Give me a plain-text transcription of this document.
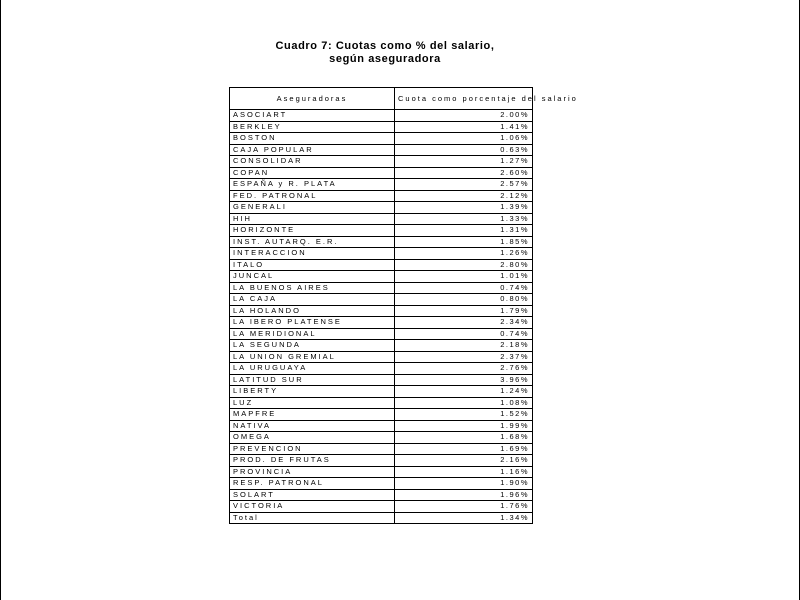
Cuadro 7: Cuotas como % del salario,
según aseguradora
Aseguradoras	Cuota como porcentaje del salario
ASOCIART	2.00%
BERKLEY	1.41%
BOSTON	1.06%
CAJA POPULAR	0.63%
CONSOLIDAR	1.27%
COPAN	2.60%
ESPAÑA y R. PLATA	2.57%
FED. PATRONAL	2.12%
GENERALI	1.39%
HIH	1.33%
HORIZONTE	1.31%
INST. AUTARQ. E.R.	1.85%
INTERACCION	1.26%
ITALO	2.80%
JUNCAL	1.01%
LA BUENOS AIRES	0.74%
LA CAJA	0.80%
LA HOLANDO	1.79%
LA IBERO PLATENSE	2.34%
LA MERIDIONAL	0.74%
LA SEGUNDA	2.18%
LA UNION GREMIAL	2.37%
LA URUGUAYA	2.76%
LATITUD SUR	3.96%
LIBERTY	1.24%
LUZ	1.08%
MAPFRE	1.52%
NATIVA	1.99%
OMEGA	1.68%
PREVENCION	1.69%
PROD. DE FRUTAS	2.16%
PROVINCIA	1.16%
RESP. PATRONAL	1.90%
SOLART	1.96%
VICTORIA	1.76%
Total	1.34%
